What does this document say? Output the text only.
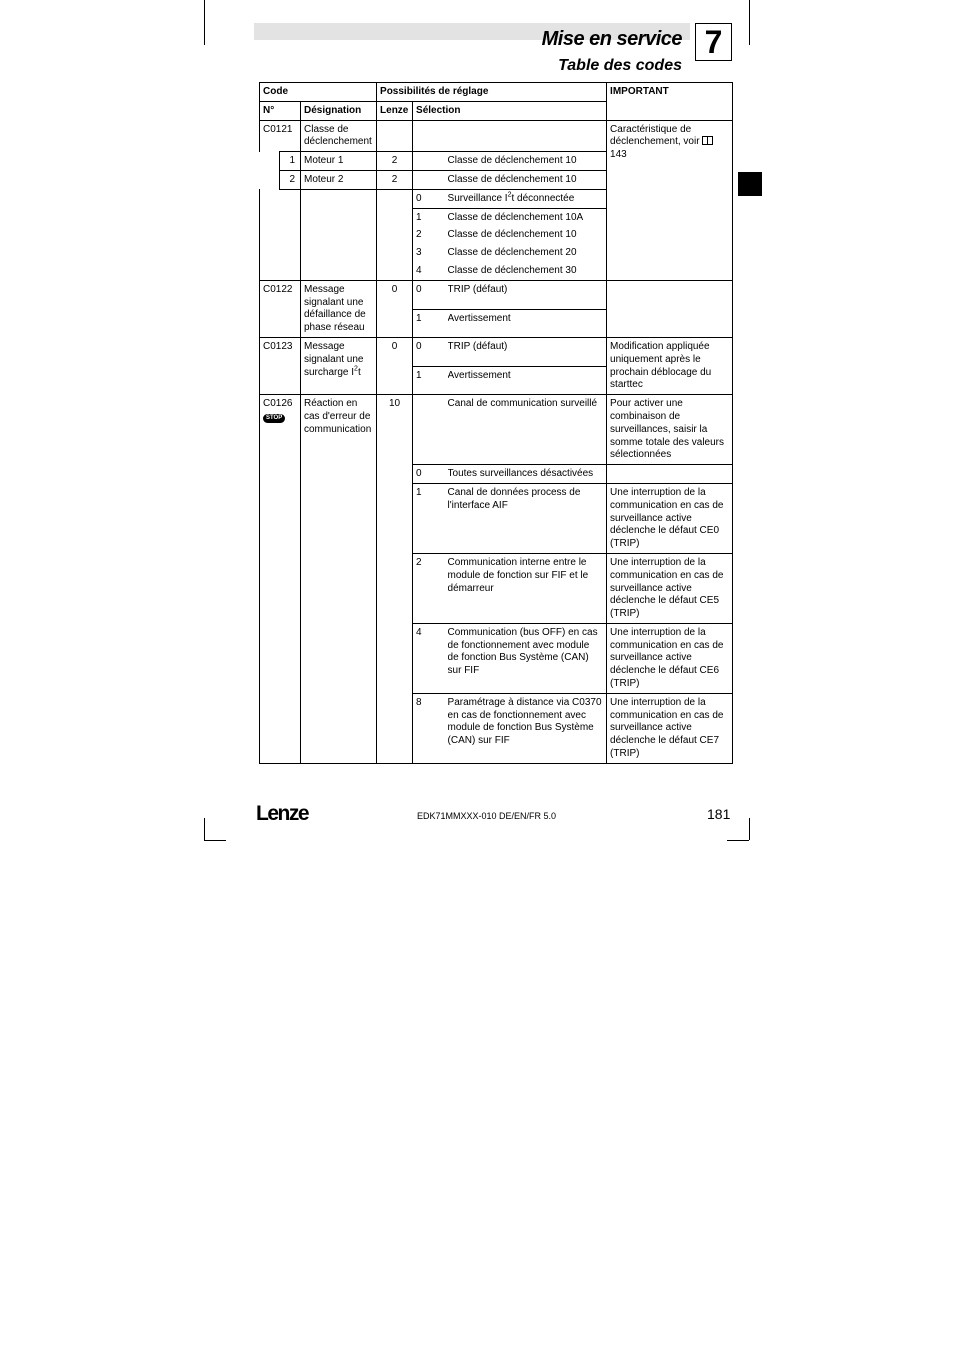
Mise en service
Table des codes
7
Code			Possibilités de réglage			IMPORTANT
N°		Désignation	Lenze	Sélection		
C0121		Classe de déclenchement				Caractéristique de déclenchement, voir  143
	1	Moteur 1	2		Classe de déclenchement 10	
	2	Moteur 2	2		Classe de déclenchement 10	
				0	Surveillance $I^2t$ déconnectée	
				1	Classe de déclenchement 10A	
				2	Classe de déclenchement 10	
				3	Classe de déclenchement 20	
				4	Classe de déclenchement 30	
C0122		Message signalant une défaillance de phase réseau	0	0	TRIP (défaut)	
				1	Avertissement	
C0123		Message signalant une surcharge $I^2t$	0	0	TRIP (défaut)	Modification appliquée uniquement après le prochain déblocage du starttec
				1	Avertissement	
C0126
STOP		Réaction en cas d'erreur de communication	10		Canal de communication surveillé	Pour activer une combinaison de surveillances, saisir la somme totale des valeurs sélectionnées
				0	Toutes surveillances désactivées	
				1	Canal de données process de l'interface AIF	Une interruption de la communication en cas de surveillance active déclenche le défaut CE0 (TRIP)
				2	Communication interne entre le module de fonction sur FIF et le démarreur	Une interruption de la communication en cas de surveillance active déclenche le défaut CE5 (TRIP)
				4	Communication (bus OFF) en cas de fonctionnement avec module de fonction Bus Système (CAN) sur FIF	Une interruption de la communication en cas de surveillance active déclenche le défaut CE6 (TRIP)
				8	Paramétrage à distance via C0370 en cas de fonctionnement avec module de fonction Bus Système (CAN) sur FIF	Une interruption de la communication en cas de surveillance active déclenche le défaut CE7 (TRIP)
Lenze	EDK71MMXXX-010 DE/EN/FR 5.0	181
